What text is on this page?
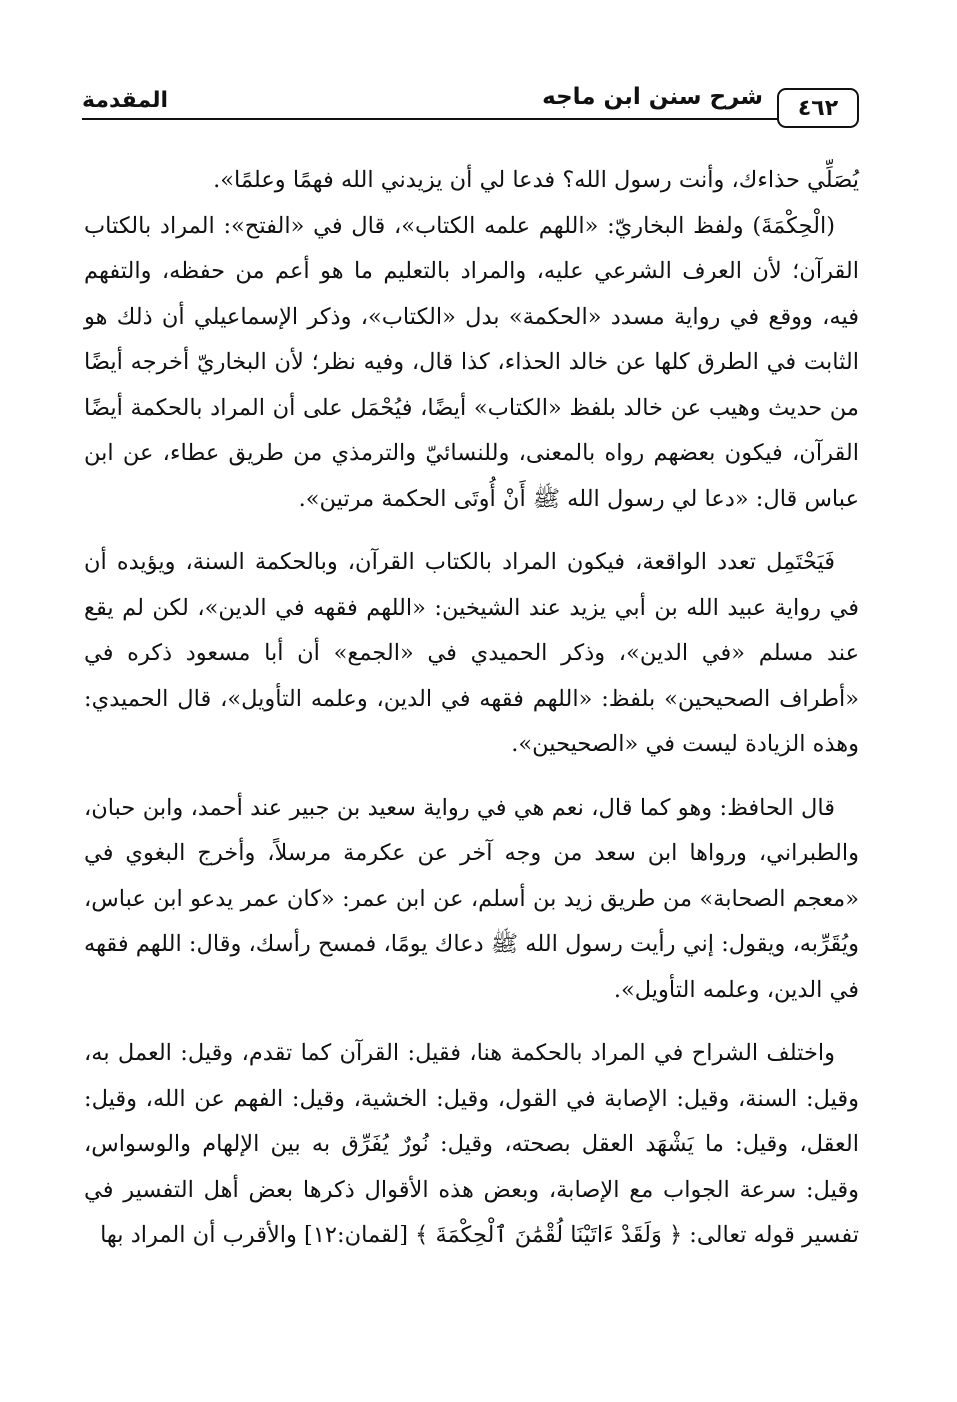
٤٦٢
شرح سنن ابن ماجه
المقدمة

يُصَلِّي حذاءك، وأنت رسول الله؟ فدعا لي أن يزيدني الله فهمًا وعلمًا».

(الْحِكْمَةَ) ولفظ البخاريّ: «اللهم علمه الكتاب»، قال في «الفتح»: المراد بالكتاب القرآن؛ لأن العرف الشرعي عليه، والمراد بالتعليم ما هو أعم من حفظه، والتفهم فيه، ووقع في رواية مسدد «الحكمة» بدل «الكتاب»، وذكر الإسماعيلي أن ذلك هو الثابت في الطرق كلها عن خالد الحذاء، كذا قال، وفيه نظر؛ لأن البخاريّ أخرجه أيضًا من حديث وهيب عن خالد بلفظ «الكتاب» أيضًا، فيُحْمَل على أن المراد بالحكمة أيضًا القرآن، فيكون بعضهم رواه بالمعنى، وللنسائيّ والترمذي من طريق عطاء، عن ابن عباس قال: «دعا لي رسول الله ﷺ أَنْ أُوتَى الحكمة مرتين».

فَيَحْتَمِل تعدد الواقعة، فيكون المراد بالكتاب القرآن، وبالحكمة السنة، ويؤيده أن في رواية عبيد الله بن أبي يزيد عند الشيخين: «اللهم فقهه في الدين»، لكن لم يقع عند مسلم «في الدين»، وذكر الحميدي في «الجمع» أن أبا مسعود ذكره في «أطراف الصحيحين» بلفظ: «اللهم فقهه في الدين، وعلمه التأويل»، قال الحميدي: وهذه الزيادة ليست في «الصحيحين».

قال الحافظ: وهو كما قال، نعم هي في رواية سعيد بن جبير عند أحمد، وابن حبان، والطبراني، ورواها ابن سعد من وجه آخر عن عكرمة مرسلاً، وأخرج البغوي في «معجم الصحابة» من طريق زيد بن أسلم، عن ابن عمر: «كان عمر يدعو ابن عباس، ويُقَرِّبه، ويقول: إني رأيت رسول الله ﷺ دعاك يومًا، فمسح رأسك، وقال: اللهم فقهه في الدين، وعلمه التأويل».

واختلف الشراح في المراد بالحكمة هنا، فقيل: القرآن كما تقدم، وقيل: العمل به، وقيل: السنة، وقيل: الإصابة في القول، وقيل: الخشية، وقيل: الفهم عن الله، وقيل: العقل، وقيل: ما يَشْهَد العقل بصحته، وقيل: نُورٌ يُفَرِّق به بين الإلهام والوسواس، وقيل: سرعة الجواب مع الإصابة، وبعض هذه الأقوال ذكرها بعض أهل التفسير في تفسير قوله تعالى: ﴿ وَلَقَدْ ءَاتَيْنَا لُقْمَٰنَ ٱلْحِكْمَةَ ﴾ [لقمان:١٢] والأقرب أن المراد بها
